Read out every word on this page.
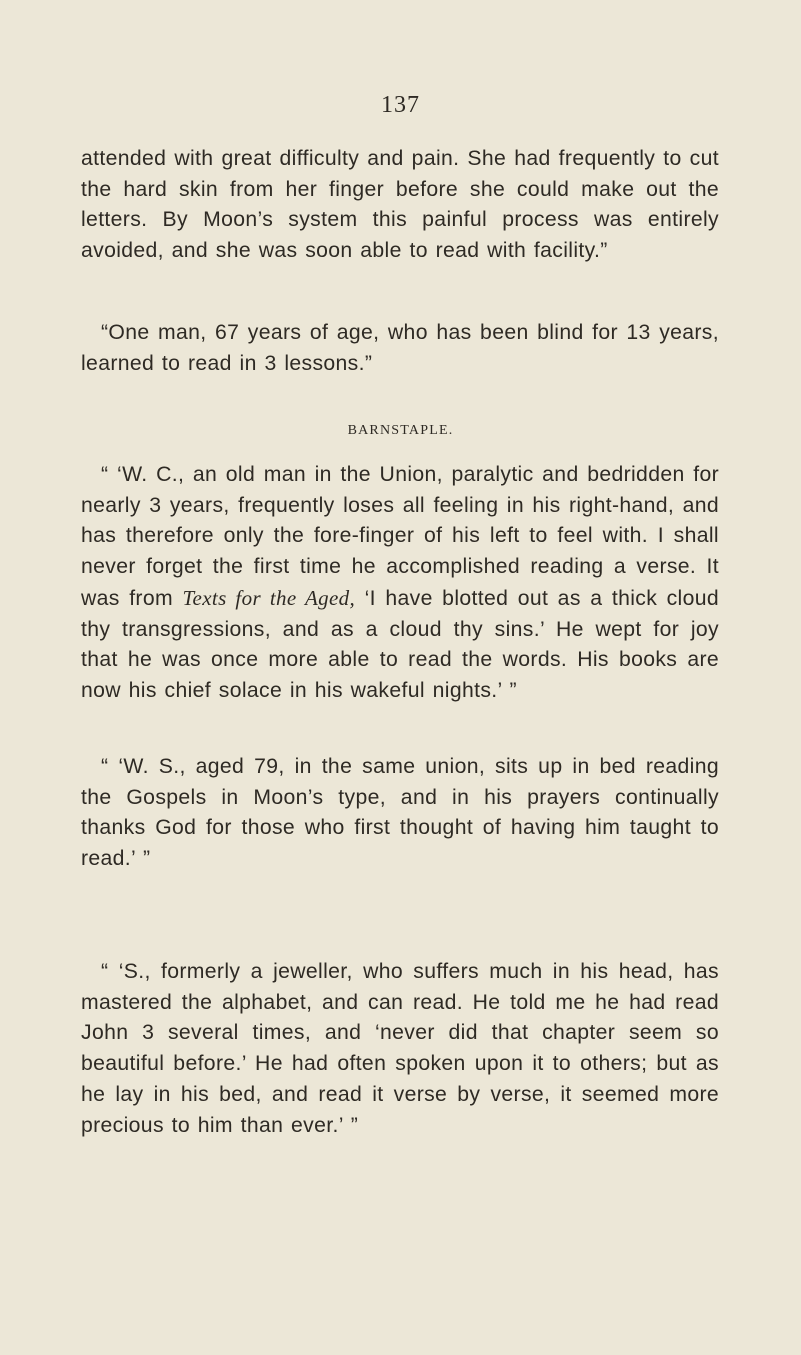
137

attended with great difficulty and pain. She had frequently to cut the hard skin from her finger before she could make out the letters. By Moon’s system this painful process was entirely avoided, and she was soon able to read with facility.”

“One man, 67 years of age, who has been blind for 13 years, learned to read in 3 lessons.”

BARNSTAPLE.

“ ‘W. C., an old man in the Union, paralytic and bedridden for nearly 3 years, frequently loses all feeling in his right-hand, and has therefore only the fore-finger of his left to feel with. I shall never forget the first time he accomplished reading a verse. It was from Texts for the Aged, ‘I have blotted out as a thick cloud thy transgressions, and as a cloud thy sins.’ He wept for joy that he was once more able to read the words. His books are now his chief solace in his wakeful nights.’ ”

“ ‘W. S., aged 79, in the same union, sits up in bed reading the Gospels in Moon’s type, and in his prayers continually thanks God for those who first thought of having him taught to read.’ ”

“ ‘S., formerly a jeweller, who suffers much in his head, has mastered the alphabet, and can read. He told me he had read John 3 several times, and ‘never did that chapter seem so beautiful before.’ He had often spoken upon it to others; but as he lay in his bed, and read it verse by verse, it seemed more precious to him than ever.’ ”
